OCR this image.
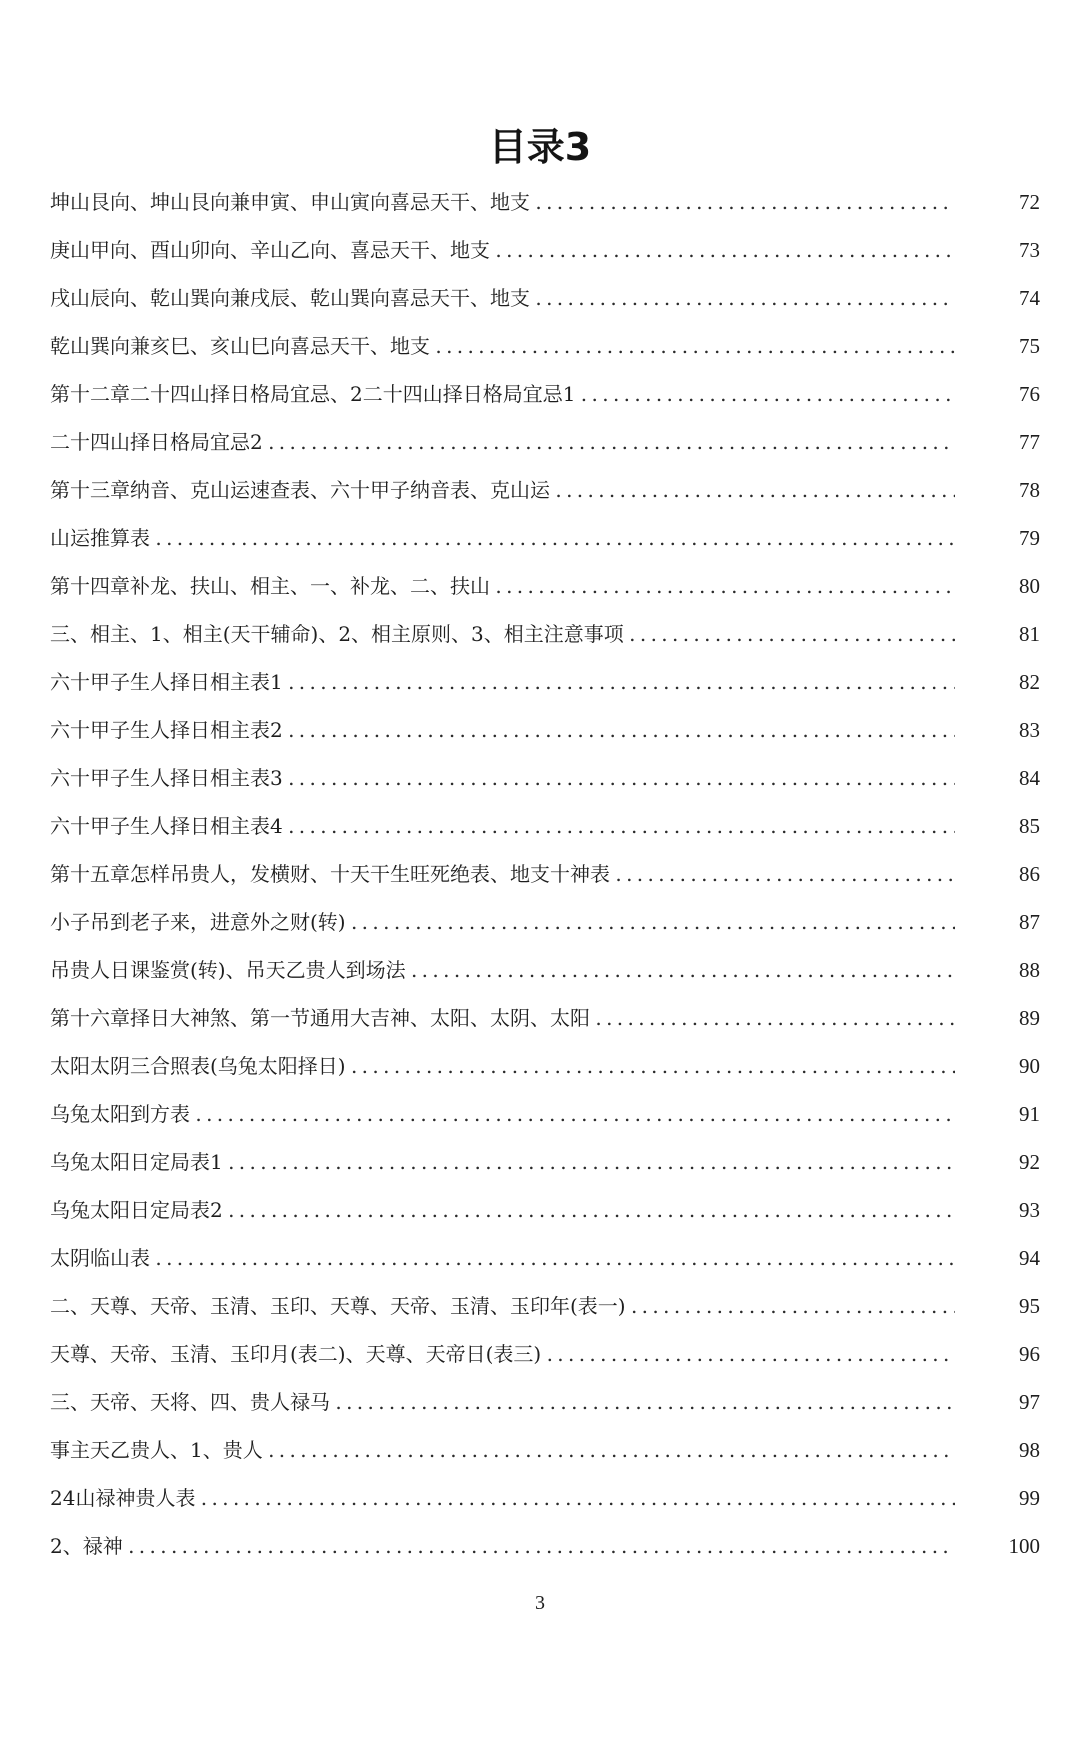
目录3
坤山艮向、坤山艮向兼申寅、申山寅向喜忌天干、地支 . . .	72
庚山甲向、酉山卯向、辛山乙向、喜忌天干、地支 . . .	73
戌山辰向、乾山巽向兼戌辰、乾山巽向喜忌天干、地支 . . .	74
乾山巽向兼亥巳、亥山巳向喜忌天干、地支 . . .	75
第十二章二十四山择日格局宜忌、2二十四山择日格局宜忌1 . . .	76
二十四山择日格局宜忌2 . . .	77
第十三章纳音、克山运速查表、六十甲子纳音表、克山运 . . .	78
山运推算表 . . .	79
第十四章补龙、扶山、相主、一、补龙、二、扶山 . . .	80
三、相主、1、相主(天干辅命)、2、相主原则、3、相主注意事项 . . .	81
六十甲子生人择日相主表1 . . .	82
六十甲子生人择日相主表2 . . .	83
六十甲子生人择日相主表3 . . .	84
六十甲子生人择日相主表4 . . .	85
第十五章怎样吊贵人，发横财、十天干生旺死绝表、地支十神表 . . .	86
小子吊到老子来，进意外之财(转) . . .	87
吊贵人日课鉴赏(转)、吊天乙贵人到场法 . . .	88
第十六章择日大神煞、第一节通用大吉神、太阳、太阴、太阳 . . .	89
太阳太阴三合照表(乌兔太阳择日) . . .	90
乌兔太阳到方表 . . .	91
乌兔太阳日定局表1 . . .	92
乌兔太阳日定局表2 . . .	93
太阴临山表 . . .	94
二、天尊、天帝、玉清、玉印、天尊、天帝、玉清、玉印年(表一) . . .	95
天尊、天帝、玉清、玉印月(表二)、天尊、天帝日(表三) . . .	96
三、天帝、天将、四、贵人禄马 . . .	97
事主天乙贵人、1、贵人 . . .	98
24山禄神贵人表 . . .	99
2、禄神 . . .	100
3
